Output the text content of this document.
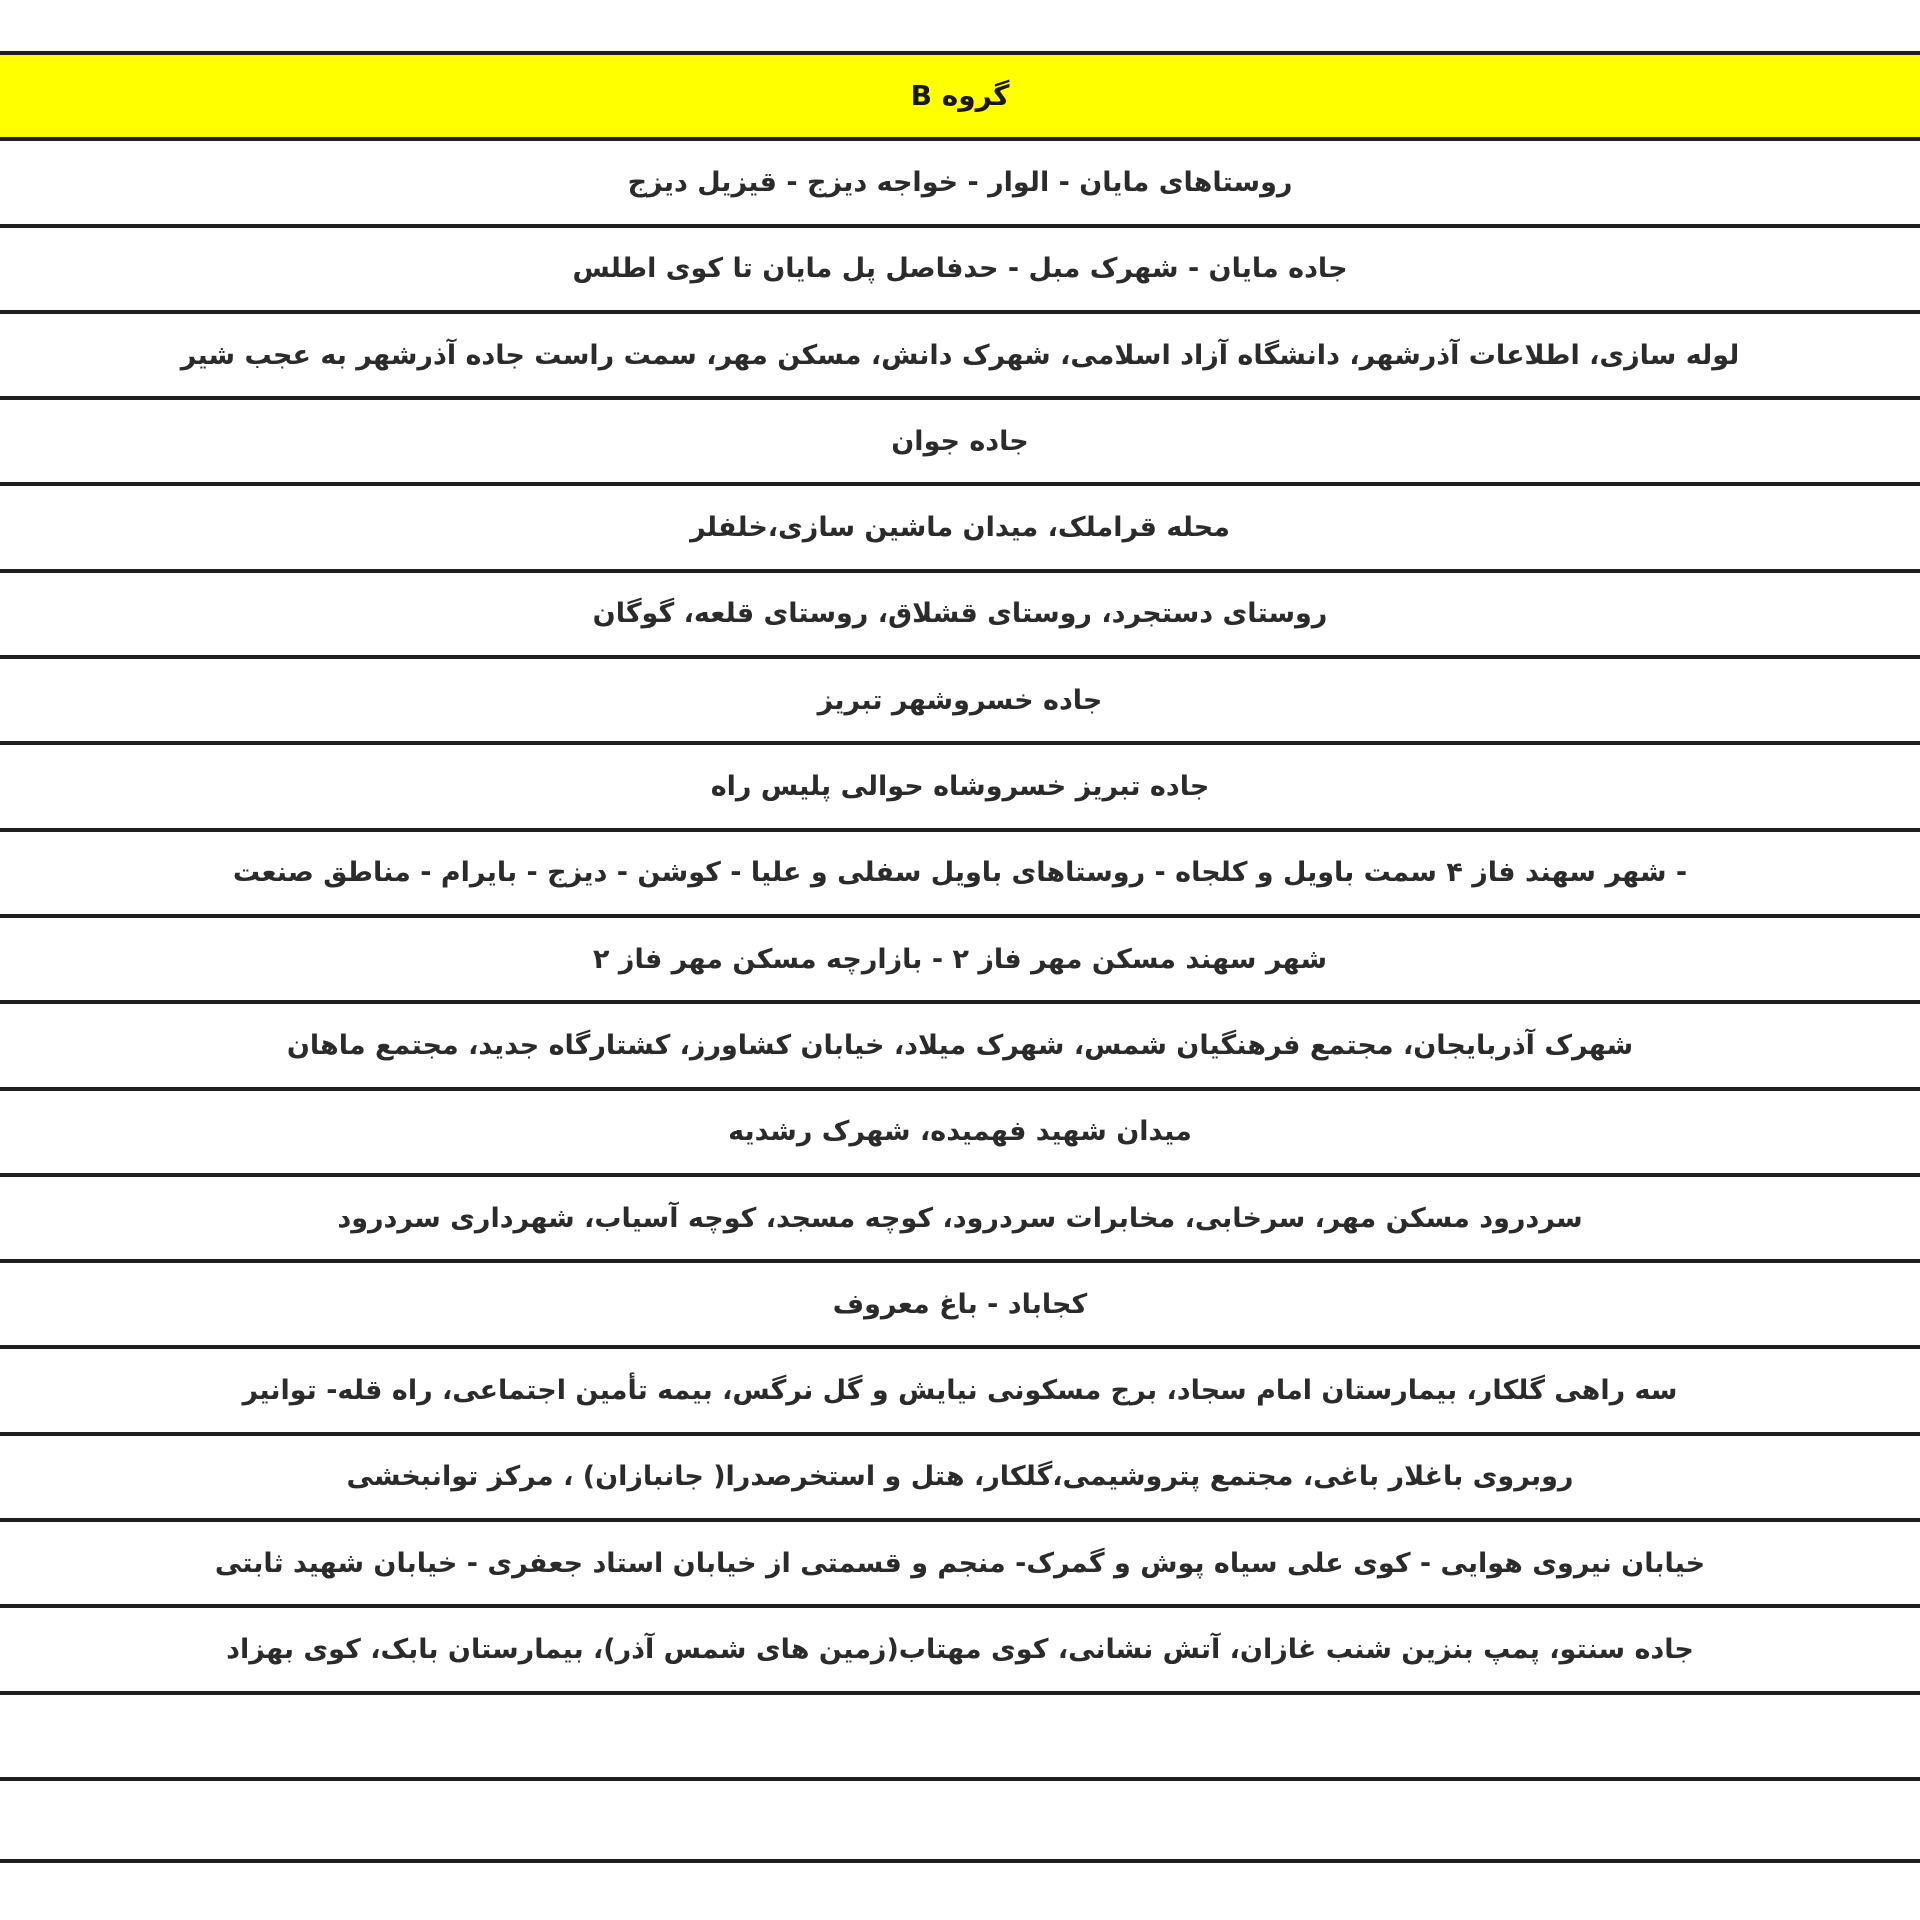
گروه B
روستاهای مایان - الوار - خواجه دیزج - قیزیل دیزج
جاده مایان - شهرک مبل - حدفاصل پل مایان تا کوی اطلس
لوله سازی، اطلاعات آذرشهر، دانشگاه آزاد اسلامی، شهرک دانش، مسکن مهر، سمت راست جاده آذرشهر به عجب شیر
جاده جوان
محله قراملک، میدان ماشین سازی،خلفلر
روستای دستجرد، روستای قشلاق، روستای قلعه، گوگان
جاده خسروشهر تبریز
جاده تبریز خسروشاه حوالی پلیس راه
- شهر سهند فاز ۴ سمت باویل و کلجاه - روستاهای باویل سفلی و علیا - کوشن - دیزج - بایرام - مناطق صنعت
شهر سهند مسکن مهر فاز ۲ - بازارچه مسکن مهر فاز ۲
شهرک آذربایجان، مجتمع فرهنگیان شمس، شهرک میلاد، خیابان کشاورز، کشتارگاه جدید، مجتمع ماهان
میدان شهید فهمیده، شهرک رشدیه
سردرود مسکن مهر، سرخابی، مخابرات سردرود، کوچه مسجد، کوچه آسیاب، شهرداری سردرود
کجاباد - باغ معروف
سه راهی گلکار، بیمارستان امام سجاد، برج مسکونی نیایش و گل نرگس، بیمه تأمین اجتماعی، راه قله- توانیر
روبروی باغلار باغی، مجتمع پتروشیمی،گلکار، هتل و استخرصدرا( جانبازان) ، مرکز توانبخشی
خیابان نیروی هوایی - کوی علی سیاه پوش و گمرک- منجم و قسمتی از خیابان استاد جعفری - خیابان شهید ثابتی
جاده سنتو، پمپ بنزین شنب غازان، آتش نشانی، کوی مهتاب(زمین های شمس آذر)، بیمارستان بابک، کوی بهزاد
